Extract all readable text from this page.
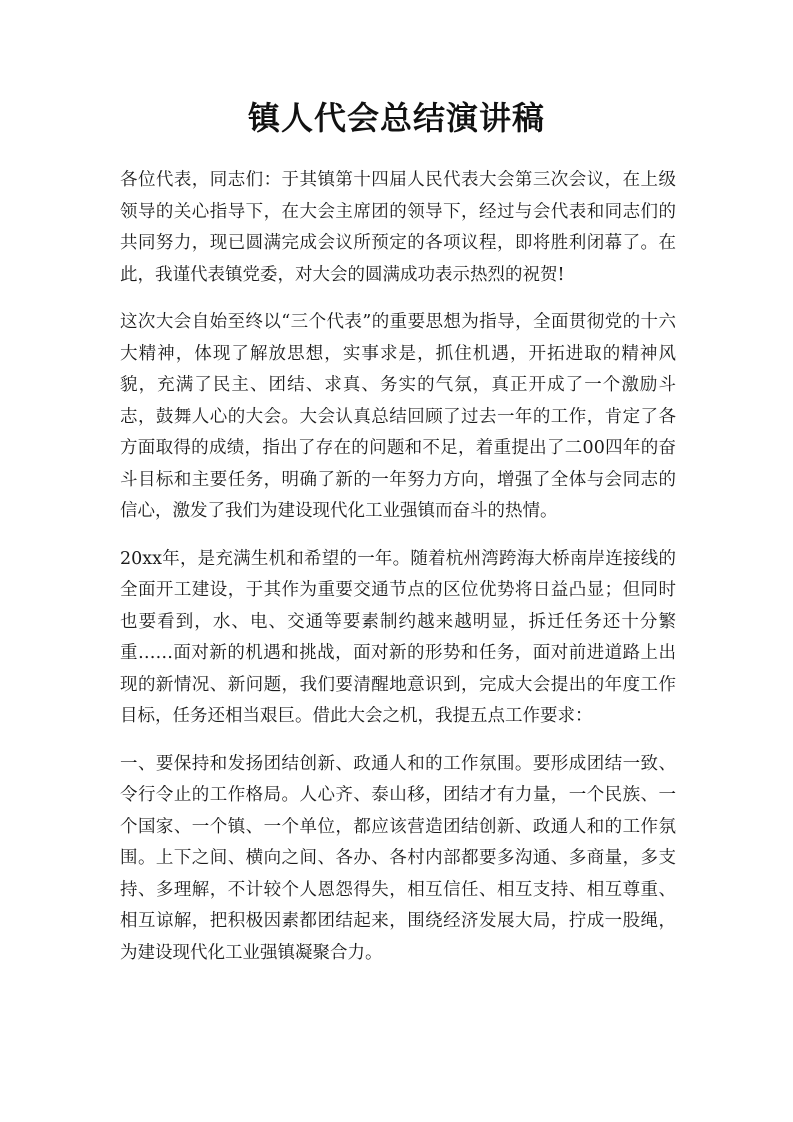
镇人代会总结演讲稿

各位代表，同志们：于其镇第十四届人民代表大会第三次会议，在上级领导的关心指导下，在大会主席团的领导下，经过与会代表和同志们的共同努力，现已圆满完成会议所预定的各项议程，即将胜利闭幕了。在此，我谨代表镇党委，对大会的圆满成功表示热烈的祝贺!

这次大会自始至终以“三个代表”的重要思想为指导，全面贯彻党的十六大精神，体现了解放思想，实事求是，抓住机遇，开拓进取的精神风貌，充满了民主、团结、求真、务实的气氛，真正开成了一个激励斗志，鼓舞人心的大会。大会认真总结回顾了过去一年的工作，肯定了各方面取得的成绩，指出了存在的问题和不足，着重提出了二00四年的奋斗目标和主要任务，明确了新的一年努力方向，增强了全体与会同志的信心，激发了我们为建设现代化工业强镇而奋斗的热情。

20xx年，是充满生机和希望的一年。随着杭州湾跨海大桥南岸连接线的全面开工建设，于其作为重要交通节点的区位优势将日益凸显；但同时也要看到，水、电、交通等要素制约越来越明显，拆迁任务还十分繁重……面对新的机遇和挑战，面对新的形势和任务，面对前进道路上出现的新情况、新问题，我们要清醒地意识到，完成大会提出的年度工作目标，任务还相当艰巨。借此大会之机，我提五点工作要求：

一、要保持和发扬团结创新、政通人和的工作氛围。要形成团结一致、令行令止的工作格局。人心齐、泰山移，团结才有力量，一个民族、一个国家、一个镇、一个单位，都应该营造团结创新、政通人和的工作氛围。上下之间、横向之间、各办、各村内部都要多沟通、多商量，多支持、多理解，不计较个人恩怨得失，相互信任、相互支持、相互尊重、相互谅解，把积极因素都团结起来，围绕经济发展大局，拧成一股绳，为建设现代化工业强镇凝聚合力。
